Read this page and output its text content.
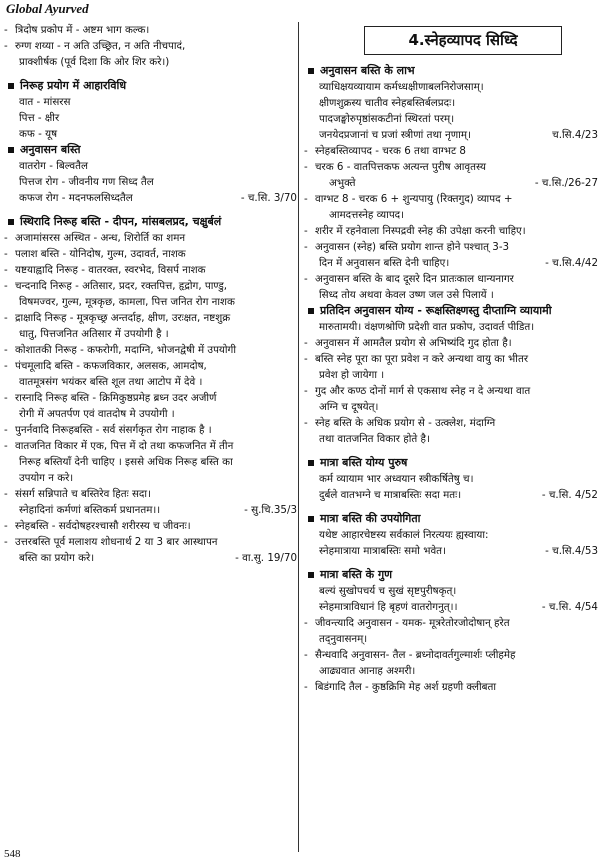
Global Ayurved
- त्रिदोष प्रकोप में - अष्टम भाग कल्क।
- रुग्ण शय्या - न अति उच्छ्रित, न अति नीचपादं,
प्राक्शीर्षक (पूर्व दिशा कि ओर शिर करे।)
निरूह प्रयोग में आहारविधि
वात - मांसरस
पित्त - क्षीर
कफ - यूष
अनुवासन बस्ति
वातरोग - बिल्वतैल
पित्तज रोग - जीवनीय गण सिध्द तैल
कफज रोग - मदनफलसिध्दतैल	- च.सि. 3/70
स्थिरादि निरूह बस्ति - दीपन, मांसबलप्रद, चक्षुर्बलं
- अजामांसरस अस्थित - अन्ध, शिरोर्ति का शमन
- पलाश बस्ति - योनिदोष, गुल्म, उदावर्त, नाशक
- यष्टयाह्वादि निरूह - वातरक्त, स्वरभेद, विसर्प नाशक
- चन्दनादि निरूह - अतिसार, प्रदर, रक्तपित्त, हृद्रोग, पाण्डु,
विषमज्वर, गुल्म, मूत्रकृछ, कामला, पित्त जनित रोग नाशक
- द्राक्षादि निरूह - मूत्रकृच्छ्र अन्तर्दाह, क्षीण, उरःक्षत, नष्टशुक्र
धातु, पित्तजनित अतिसार में उपयोगी है ।
- कोशातकी निरूह - कफरोगी, मदाग्नि, भोजनद्वेषी में उपयोगी
- पंचमूलादि बस्ति - कफजविकार, अलसक, आमदोष,
वातमूत्रसंग भयंकर बस्ति शूल तथा आटोप में देवे ।
- रास्नादि निरूह बस्ति - क्रिमिकुष्ठप्रमेह ब्रध्न उदर अजीर्ण
रोगी में अपतर्पण एवं वातदोष मे उपयोगी ।
- पुनर्नवादि निरूहबस्ति - सर्व संसर्गकृत रोग नाहाक है ।
- वातजनित विकार में एक, पित्त में दो तथा कफजनित में तीन
निरूह बस्तियाँ देनी चाहिए । इससे अधिक निरूह बस्ति का
उपयोग न करे।
- संसर्ग सन्निपाते च बस्तिरेव हितः सदा।
स्नेहादिनां कर्मणां बस्तिकर्म प्रधानतम।।	- सु.चि.35/3
- स्नेहबस्ति - सर्वदोषहरश्चासौ शरीरस्य च जीवनः।
- उत्तरबस्ति पूर्व मलाशय शोधनार्थ 2 या 3 बार आस्थापन
बस्ति का प्रयोग करे।	- वा.सु. 19/70
4.स्नेहव्यापद सिध्दि
अनुवासन बस्ति के लाभ
व्याधिक्षयव्यायाम कर्मध्धक्षीणाबलनिरोजसाम्।
क्षीणशुक्रस्य चातीव स्नेहबस्तिर्बलप्रदः।
पादजङ्घोरुपृष्ठांसकटीनां स्थिरतां परम्।
जनयेदप्रजानां च प्रजां स्त्रीणां तथा नृणाम्।	च.सि.4/23
- स्नेहबस्तिव्यापद - चरक 6 तथा वाग्भट 8
- चरक 6 - वातपित्तकफ अत्यन्त पुरीष आवृतस्य
अभुक्ते	- च.सि./26-27
- वाग्भट 8 - चरक 6 + शुन्यपायु (रिक्तगुद) व्यापद +
आमदत्तस्नेह व्यापद।
- शरीर में रहनेवाला निस्पद्रवी स्नेह की उपेक्षा करनी चाहिए।
- अनुवासन (स्नेह) बस्ति प्रयोग शान्त होने पश्चात् 3-3
दिन में अनुवासन बस्ति देनी चाहिए।	- च.सि.4/42
- अनुवासन बस्ति के बाद दूसरे दिन प्रातःकाल धान्यनागर
सिध्द तोय अथवा केवल उष्ण जल उसे पिलायें ।
प्रतिदिन अनुवासन योग्य - रूक्षस्तिक्ष्णस्तु दीप्ताग्नि व्यायामी
मारुतामयी। वंक्षणश्रोणि प्रदेशी वात प्रकोप, उदावर्त पीडित।
- अनुवासन में आमतैल प्रयोग से अभिष्यंदि गुद होता है।
- बस्ति स्नेह पूरा का पूरा प्रवेश न करे अन्यथा वायु का भीतर
प्रवेश हो जायेगा ।
- गुद और कण्ठ दोनों मार्ग से एकसाथ स्नेह न दे अन्यथा वात
अग्नि च दूषयेत्।
- स्नेह बस्ति के अधिक प्रयोग से - उत्क्लेश, मंदाग्नि
तथा वातजनित विकार होते है।
मात्रा बस्ति योग्य पुरुष
कर्म व्यायाम भार अध्वयान स्त्रीकर्षितेषु च।
दुर्बले वातभग्ने च मात्राबस्तिः सदा मतः।	- च.सि. 4/52
मात्रा बस्ति की उपयोगिता
यथेष्ट आहारचेष्टस्य सर्वकालं निरत्ययः ह्यस्वाया:
स्नेहमात्राया मात्राबस्तिः समो भवेत।	- च.सि.4/53
मात्रा बस्ति के गुण
बल्यं सुखोपचर्य च सुखं सृष्टपुरीषकृत्।
स्नेहमात्राविधानं हि बृहणं वातरोगनुत्।।	- च.सि. 4/54
- जीवन्त्यादि अनुवासन - यमक- मूत्ररेतोरजोदोषान् हरेत
तद्नुवासनम्।
- सैन्धवादि अनुवासन- तैल - ब्रध्नोदावर्तगुल्मार्शः प्लीहमेह
आढ्यवात आनाह अश्मरी।
- बिडंगादि तैल - कुष्ठक्रिमि मेह अर्श ग्रहणी क्लीबता
548
